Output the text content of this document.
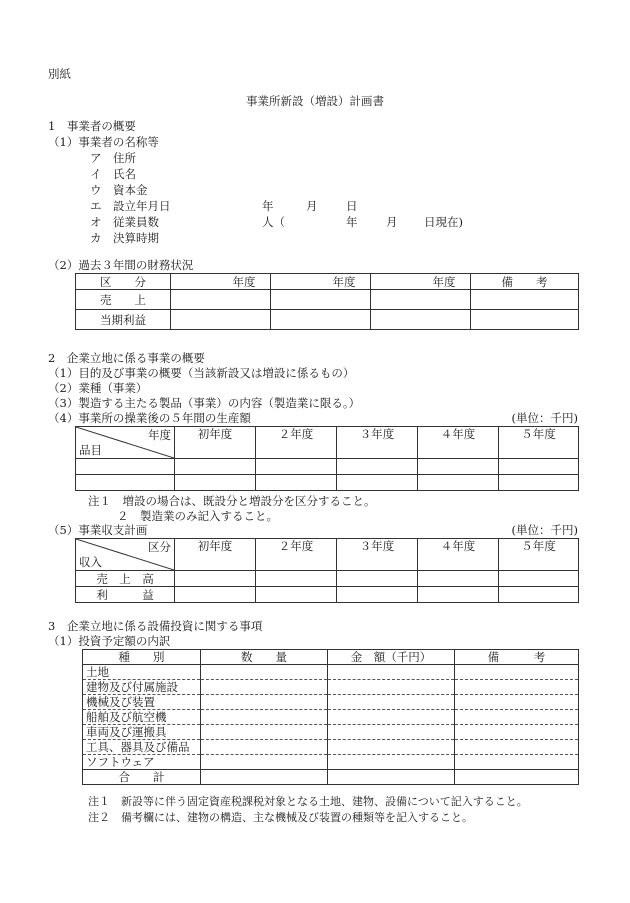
別紙
事業所新設（増設）計画書
1　事業者の概要
（1）事業者の名称等
ア　住所
イ　氏名
ウ　資本金
エ　設立年月日	年	月 日
オ　従業員数	人（	年 月 日現在)
カ　決算時期
（2）過去３年間の財務状況
区　　分	年度	年度	年度	備　　考
売　　上				
当期利益				
2　企業立地に係る事業の概要
（1）目的及び事業の概要（当該新設又は増設に係るもの）
（2）業種（事業）
（3）製造する主たる製品（事業）の内容（製造業に限る。）
（4）事業所の操業後の５年間の生産額	(単位：千円)
年度
品目	初年度	２年度	３年度	４年度	５年度

注１　増設の場合は、既設分と増設分を区分すること。
２　製造業のみ記入すること。
（5）事業収支計画	(単位：千円)
区分
収入	初年度	２年度	３年度	４年度	５年度
売　上　高					
利　　　益					
3　企業立地に係る設備投資に関する事項
（1）投資予定額の内訳
種　　別	数　　量	金　額（千円）	備　　　考
土地			
建物及び付属施設			
機械及び装置			
船舶及び航空機			
車両及び運搬具			
工具、器具及び備品			
ソフトウェア			
合　　計			
注１　新設等に伴う固定資産税課税対象となる土地、建物、設備について記入すること。
注２　備考欄には、建物の構造、主な機械及び装置の種類等を記入すること。
